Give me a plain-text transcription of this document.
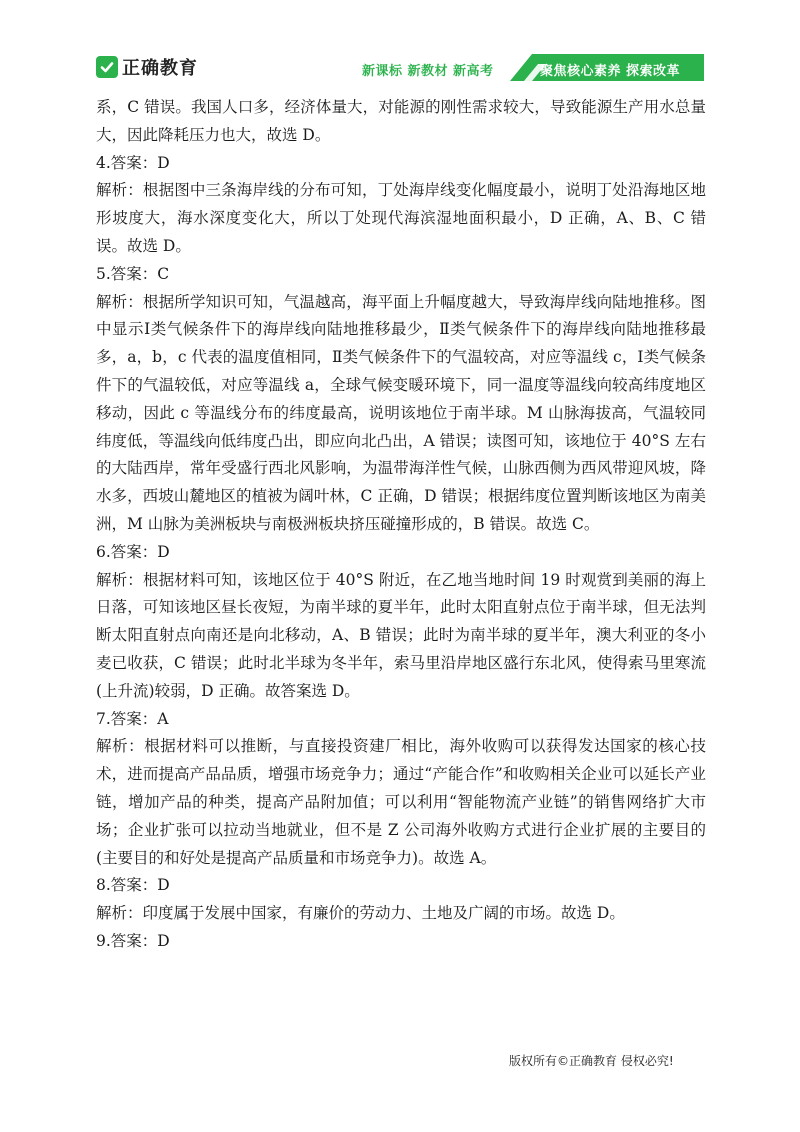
正确教育	新课标 新教材 新高考	聚焦核心素养 探索改革

系，C 错误。我国人口多，经济体量大，对能源的刚性需求较大，导致能源生产用水总量大，因此降耗压力也大，故选 D。

4.答案：D

解析：根据图中三条海岸线的分布可知，丁处海岸线变化幅度最小，说明丁处沿海地区地形坡度大，海水深度变化大，所以丁处现代海滨湿地面积最小，D 正确，A、B、C 错误。故选 D。

5.答案：C

解析：根据所学知识可知，气温越高，海平面上升幅度越大，导致海岸线向陆地推移。图中显示Ⅰ类气候条件下的海岸线向陆地推移最少，Ⅱ类气候条件下的海岸线向陆地推移最多，a，b，c 代表的温度值相同，Ⅱ类气候条件下的气温较高，对应等温线 c，Ⅰ类气候条件下的气温较低，对应等温线 a，全球气候变暖环境下，同一温度等温线向较高纬度地区移动，因此 c 等温线分布的纬度最高，说明该地位于南半球。M 山脉海拔高，气温较同纬度低，等温线向低纬度凸出，即应向北凸出，A 错误；读图可知，该地位于 40°S 左右的大陆西岸，常年受盛行西北风影响，为温带海洋性气候，山脉西侧为西风带迎风坡，降水多，西坡山麓地区的植被为阔叶林，C 正确，D 错误；根据纬度位置判断该地区为南美洲，M 山脉为美洲板块与南极洲板块挤压碰撞形成的，B 错误。故选 C。

6.答案：D

解析：根据材料可知，该地区位于 40°S 附近，在乙地当地时间 19 时观赏到美丽的海上日落，可知该地区昼长夜短，为南半球的夏半年，此时太阳直射点位于南半球，但无法判断太阳直射点向南还是向北移动，A、B 错误；此时为南半球的夏半年，澳大利亚的冬小麦已收获，C 错误；此时北半球为冬半年，索马里沿岸地区盛行东北风，使得索马里寒流(上升流)较弱，D 正确。故答案选 D。

7.答案：A

解析：根据材料可以推断，与直接投资建厂相比，海外收购可以获得发达国家的核心技术，进而提高产品品质，增强市场竞争力；通过“产能合作”和收购相关企业可以延长产业链，增加产品的种类，提高产品附加值；可以利用“智能物流产业链”的销售网络扩大市场；企业扩张可以拉动当地就业，但不是 Z 公司海外收购方式进行企业扩展的主要目的(主要目的和好处是提高产品质量和市场竞争力)。故选 A。

8.答案：D

解析：印度属于发展中国家，有廉价的劳动力、土地及广阔的市场。故选 D。

9.答案：D

版权所有©正确教育 侵权必究!
